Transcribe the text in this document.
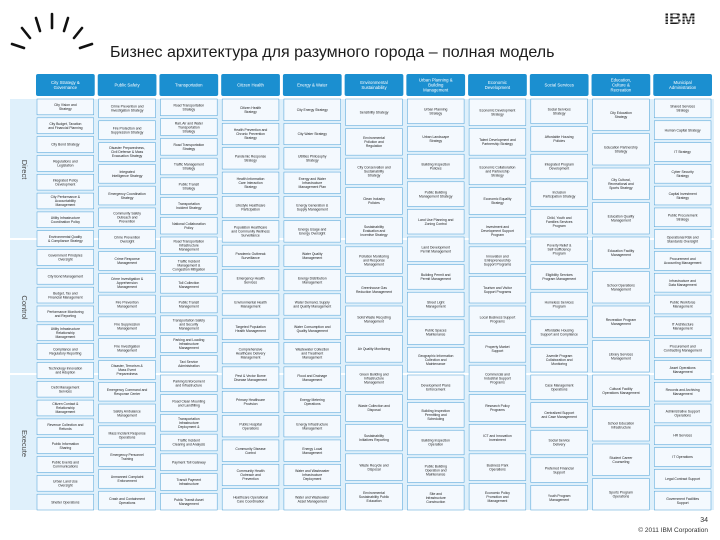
IBM
Бизнес архитектура для разумного города – полная модель
Direct
Control
Execute
City Strategy & Governance
City Vision and Strategy
City Budget, Taxation and Financial Planning
City Bond Strategy
Regulations and Legislation
Integrated Policy Development
City Performance & Accountability Management
Utility Infrastructure Coordination Policy
Environmental Quality & Compliance Strategy
Government Principles Oversight
City Bond Management
Budget, Tax and Financial Management
Performance Monitoring and Reporting
Utility Infrastructure Relationship Management
Compliance and Regulatory Reporting
Technology Innovation and Adoption
Debt Management Services
Citizen Contact & Relationship Management
Revenue Collection and Refunds
Public Information Sharing
Public Events and Communications
Urban Land Use Oversight
Shelter Operations
Public Safety
Crime Prevention and Investigation Strategy
Fire Protection and Suppression Strategy
Disaster Preparedness, Civil Defense & Mass Evacuation Strategy
Integrated Intelligence Strategy
Emergency Coordination Strategy
Community Safety Outreach and Prevention
Crime Prevention Oversight
Crime Response Management
Crime Investigation & Apprehension Management
Fire Prevention Management
Fire Suppression Management
Fire Investigation Management
Disaster, Terrorism & Mass Event Preparedness
Emergency Command and Response Center
Safety Ambulance Management
Mass Incident Response Operations
Emergency Personnel Training
Unmanned Complaint Enforcement
Crash and Containment Operations
Transportation
Road Transportation Strategy
Rail, Air and Water Transportation Strategy
Road Transportation Strategy
Traffic Management Strategy
Public Transit Strategy
Transportation Incident Strategy
National Collaboration Policy
Road Transportation Infrastructure Management
Traffic Incident Management & Congestion Mitigation
Toll Collection Management
Public Transit Management
Transportation Safety and Security Management
Parking and Loading Infrastructure Management
Taxi Service Administration
Parking Enforcement and Infrastructure
Road Clean Mounting and Landfilling
Transportation Infrastructure Deployment &
Traffic Incident Clearing and Analysis
Payment Toll Gateway
Transit Payment Infrastructure
Public Transit Asset Management
Citizen Health
Citizen Health Strategy
Health Prevention and Chronic Prevention Strategy
Pandemic Response Strategy
Health Information Care Interaction Strategy
Lifestyle Healthcare Participation
Population Healthcare and Community Wellness Surveillance
Pandemic Outbreak Surveillance
Emergency Health Services
Environmental Health Management
Targeted Population Health Management
Comprehensive Healthcare Delivery Management
Pest & Vector Borne Disease Management
Primary Healthcare Provision
Public Hospital Operations
Community Disease Control
Community Health Outreach and Prevention
Healthcare Operational Care Coordination
Energy & Water
City Energy Strategy
City Water Strategy
Utilities Philosophy Strategy
Energy and Water Infrastructure Management Plan
Energy Generation & Supply Management
Energy Usage and Energy Oversight
Water Quality Management
Energy Distribution Management
Water Demand, Supply and Quality Management
Water Consumption and Quality Management
Wastewater Collection and Treatment Management
Flood and Drainage Management
Energy Metering Operations
Energy Infrastructure Management
Energy Local Management
Water and Wastewater Infrastructure Deployment
Water and Wastewater Asset Management
Environmental Sustainability
Sensibility Strategy
Environmental Pollution and Regulation
City Conservation and Sustainability Strategy
Clean Industry Policies
Sustainability Evaluation and Incentive Strategy
Pollution Monitoring and Response Management
Greenhouse Gas Reduction Management
Solid Waste Recycling Management
Air Quality Monitoring
Green Building and Infrastructure Management
Waste Collection and Disposal
Sustainability Initiatives Reporting
Waste Recycle and Disposal
Environmental Sustainability Public Education
Urban Planning & Building Management
Urban Planning Strategy
Urban Landscape Strategy
Building Inspection Policies
Public Building Management Strategy
Land Use Planning and Zoning Control
Land Development Permit Management
Building Permit and Permit Management
Street Light Management
Public Spaces Maintenance
Geographic Information Collection and Maintenance
Development Plans Enforcement
Building Inspection Permitting and Scheduling
Building Inspection Operation
Public Building Operation and Maintenance
Site and Infrastructure Construction
Economic Development
Economic Development Strategy
Talent Development and Partnership Strategy
Economic Collaboration and Partnership Strategy
Economic Equality Strategy
Investment and Development Support Program
Innovation and Entrepreneurship Support Programs
Tourism and Visitor Support Programs
Local Business Support Programs
Property Market Support
Commercial and Industrial Support Programs
Research Policy Programs
ICT and Innovation Investment
Business Park Operations
Economic Policy Promotion and Management
Social Services
Social Services Strategy
Affordable Housing Policies
Integrated Program Development
Inclusion Participation Strategy
Child, Youth and Families Services Program
Poverty Relief & Self-Sufficiency Program
Eligibility Services Program Management
Homeless Services Program
Affordable Housing Support and Compliance
Juvenile Program Collaboration and Monitoring
Case Management Operations
Centralized Support and Case Management
Social Service Delivery
Preferred Financial Support
Youth Program Management
Education, Culture & Recreation
City Education Strategy
Education Partnership Strategy
City Cultural, Recreational and Sports Strategy
Education Quality Management
Education Facility Management
School Operations Management
Recreation Program Management
Library Services Management
Cultural Facility Operations Management
School Education Infrastructure
Student Career Counseling
Sports Program Operations
Municipal Administration
Shared Services Strategy
Human Capital Strategy
IT Strategy
Cyber Security Strategy
Capital Investment Strategy
Public Procurement Strategy
Operational Risk and Standards Oversight
Procurement and Accounting Management
Infrastructure and Data Management
Public Workforce Management
IT Architecture Management
Procurement and Contracting Management
Asset Operations Management
Records and Archiving Management
Administrative Support Operations
HR Services
IT Operations
Legal Contract Support
Government Facilities Support
34
© 2011 IBM Corporation
